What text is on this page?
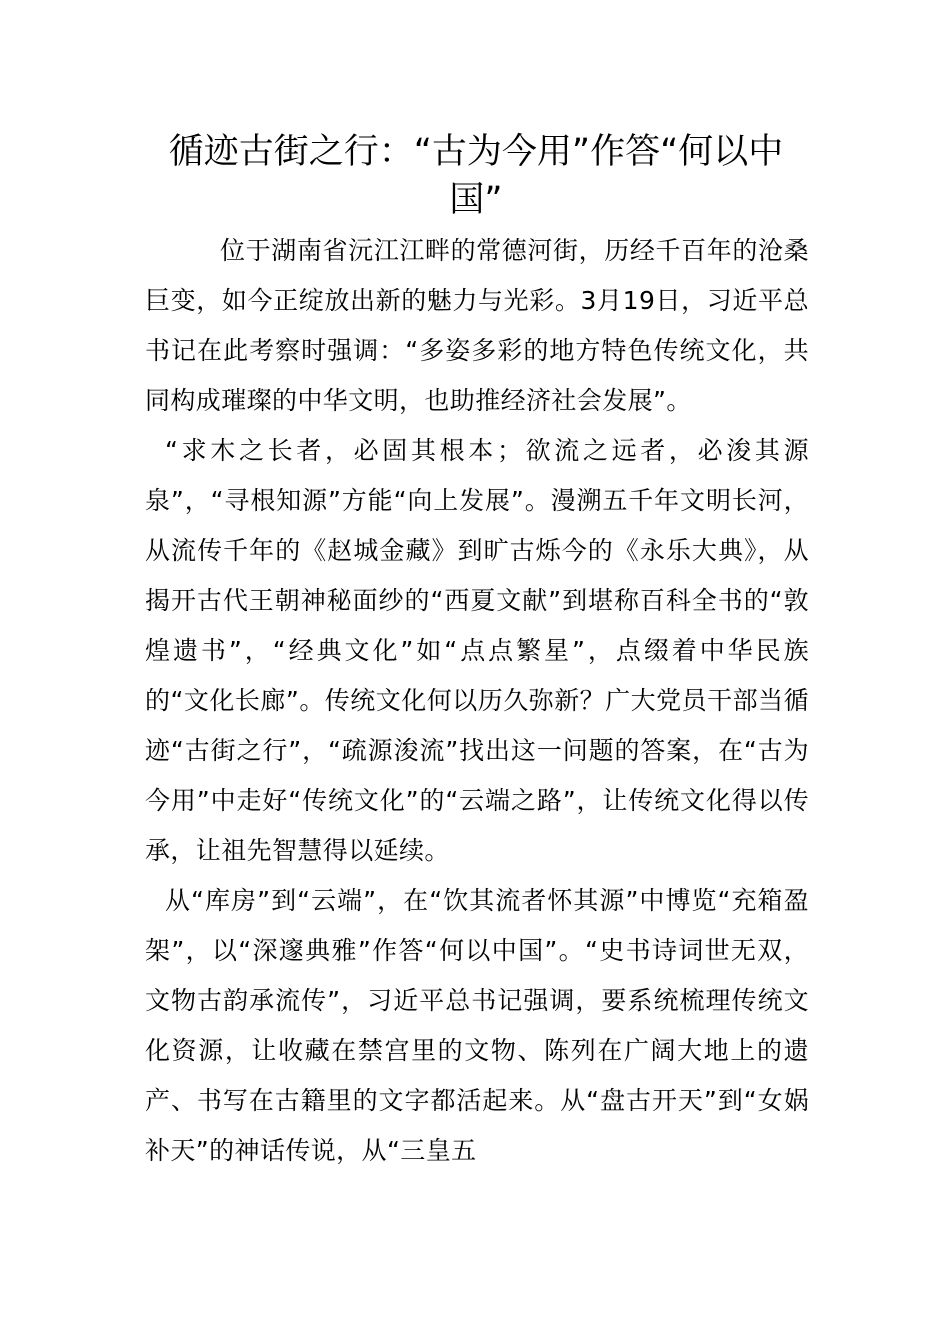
循迹古街之行：“古为今用”作答“何以中国”

位于湖南省沅江江畔的常德河街，历经千百年的沧桑巨变，如今正绽放出新的魅力与光彩。3月19日，习近平总书记在此考察时强调：“多姿多彩的地方特色传统文化，共同构成璀璨的中华文明，也助推经济社会发展”。

“求木之长者，必固其根本；欲流之远者，必浚其源泉”，“寻根知源”方能“向上发展”。漫溯五千年文明长河，从流传千年的《赵城金藏》到旷古烁今的《永乐大典》，从揭开古代王朝神秘面纱的“西夏文献”到堪称百科全书的“敦煌遗书”，“经典文化”如“点点繁星”，点缀着中华民族的“文化长廊”。传统文化何以历久弥新？广大党员干部当循迹“古街之行”，“疏源浚流”找出这一问题的答案，在“古为今用”中走好“传统文化”的“云端之路”，让传统文化得以传承，让祖先智慧得以延续。

从“库房”到“云端”，在“饮其流者怀其源”中博览“充箱盈架”，以“深邃典雅”作答“何以中国”。“史书诗词世无双，文物古韵承流传”，习近平总书记强调，要系统梳理传统文化资源，让收藏在禁宫里的文物、陈列在广阔大地上的遗产、书写在古籍里的文字都活起来。从“盘古开天”到“女娲补天”的神话传说，从“三皇五
